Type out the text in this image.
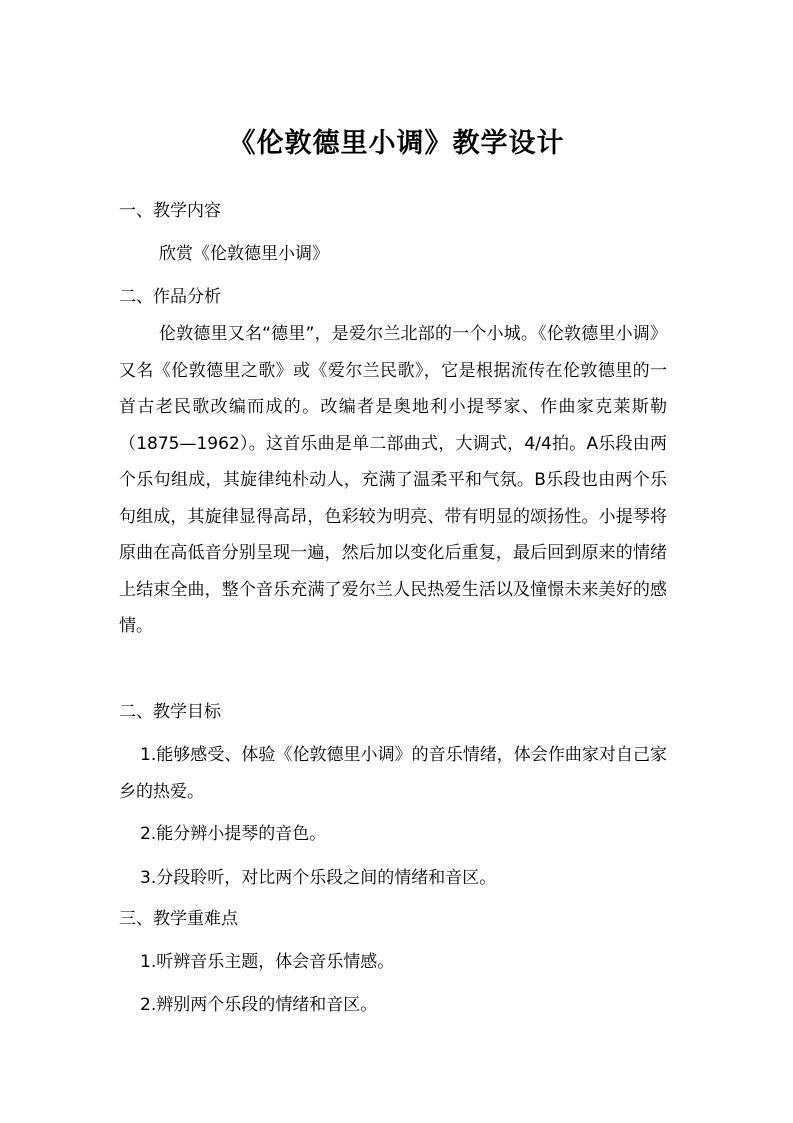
《伦敦德里小调》教学设计
一、教学内容
欣赏《伦敦德里小调》
二、作品分析

伦敦德里又名“德里”，是爱尔兰北部的一个小城。《伦敦德里小调》又名《伦敦德里之歌》或《爱尔兰民歌》，它是根据流传在伦敦德里的一首古老民歌改编而成的。改编者是奥地利小提琴家、作曲家克莱斯勒（1875—1962）。这首乐曲是单二部曲式，大调式，4/4拍。A乐段由两个乐句组成，其旋律纯朴动人，充满了温柔平和气氛。B乐段也由两个乐句组成，其旋律显得高昂，色彩较为明亮、带有明显的颂扬性。小提琴将原曲在高低音分别呈现一遍，然后加以变化后重复，最后回到原来的情绪上结束全曲，整个音乐充满了爱尔兰人民热爱生活以及憧憬未来美好的感情。

二、教学目标

1.能够感受、体验《伦敦德里小调》的音乐情绪，体会作曲家对自己家乡的热爱。

2.能分辨小提琴的音色。
3.分段聆听，对比两个乐段之间的情绪和音区。
三、教学重难点
1.听辨音乐主题，体会音乐情感。
2.辨别两个乐段的情绪和音区。
